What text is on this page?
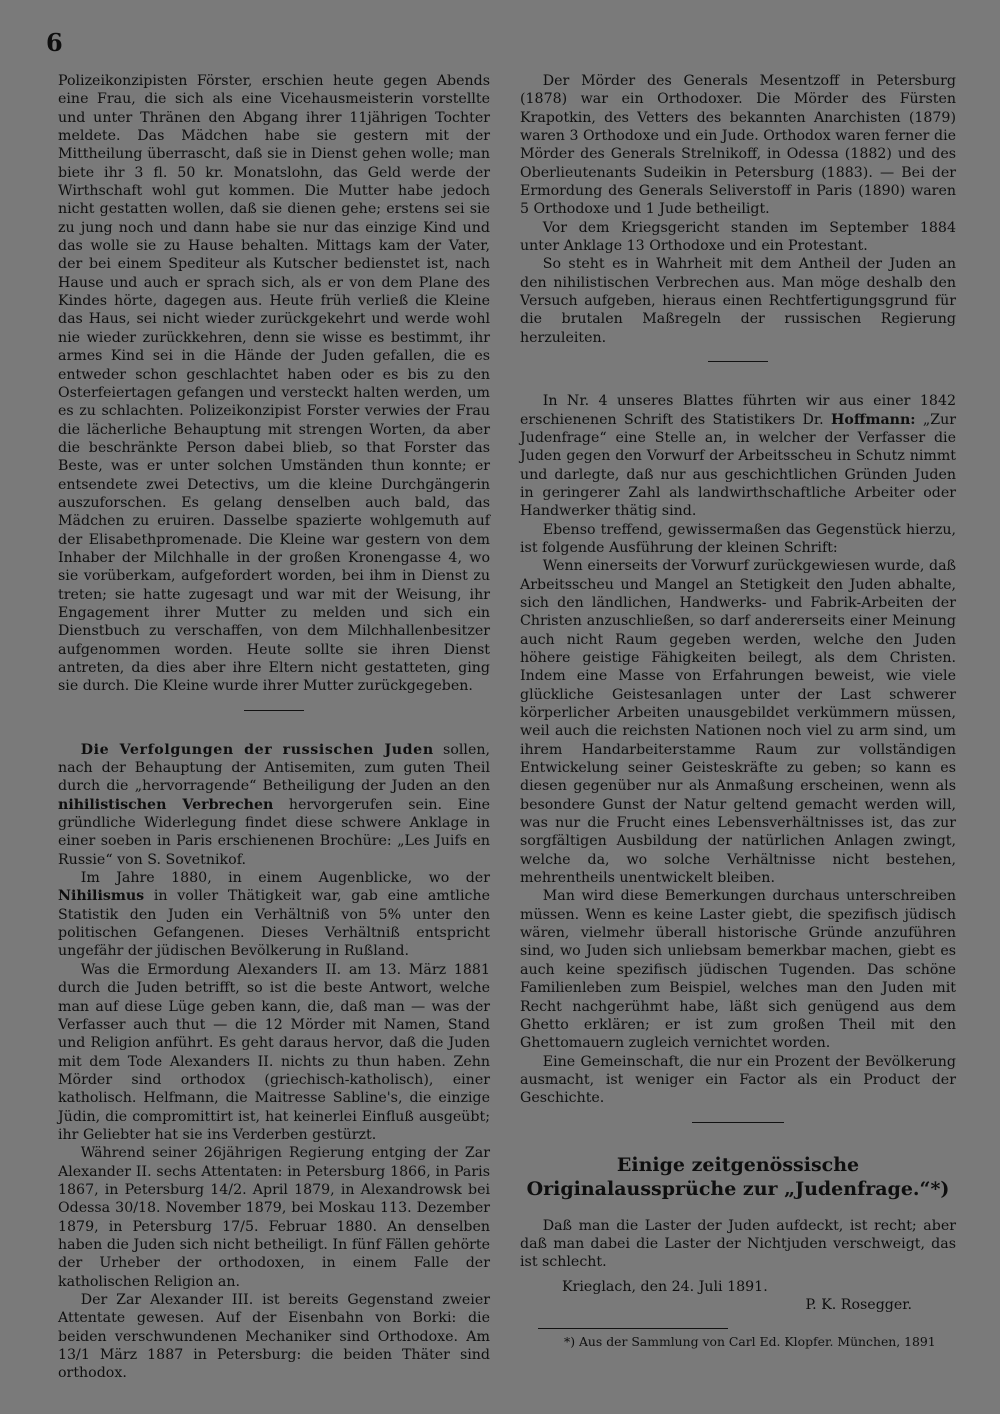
6

Polizeikonzipisten Förster, erschien heute gegen Abends eine Frau, die sich als eine Vicehausmeisterin vorstellte und unter Thränen den Abgang ihrer 11jährigen Tochter meldete. Das Mädchen habe sie gestern mit der Mittheilung überrascht, daß sie in Dienst gehen wolle; man biete ihr 3 fl. 50 kr. Monatslohn, das Geld werde der Wirthschaft wohl gut kommen. Die Mutter habe jedoch nicht gestatten wollen, daß sie dienen gehe; erstens sei sie zu jung noch und dann habe sie nur das einzige Kind und das wolle sie zu Hause behalten. Mittags kam der Vater, der bei einem Spediteur als Kutscher bedienstet ist, nach Hause und auch er sprach sich, als er von dem Plane des Kindes hörte, dagegen aus. Heute früh verließ die Kleine das Haus, sei nicht wieder zurückgekehrt und werde wohl nie wieder zurückkehren, denn sie wisse es bestimmt, ihr armes Kind sei in die Hände der Juden gefallen, die es entweder schon geschlachtet haben oder es bis zu den Osterfeiertagen gefangen und versteckt halten werden, um es zu schlachten. Polizeikonzipist Forster verwies der Frau die lächerliche Behauptung mit strengen Worten, da aber die beschränkte Person dabei blieb, so that Forster das Beste, was er unter solchen Umständen thun konnte; er entsendete zwei Detectivs, um die kleine Durchgängerin auszuforschen. Es gelang denselben auch bald, das Mädchen zu eruiren. Dasselbe spazierte wohlgemuth auf der Elisabethpromenade. Die Kleine war gestern von dem Inhaber der Milchhalle in der großen Kronengasse 4, wo sie vorüberkam, aufgefordert worden, bei ihm in Dienst zu treten; sie hatte zugesagt und war mit der Weisung, ihr Engagement ihrer Mutter zu melden und sich ein Dienstbuch zu verschaffen, von dem Milchhallenbesitzer aufgenommen worden. Heute sollte sie ihren Dienst antreten, da dies aber ihre Eltern nicht gestatteten, ging sie durch. Die Kleine wurde ihrer Mutter zurückgegeben.

Die Verfolgungen der russischen Juden sollen, nach der Behauptung der Antisemiten, zum guten Theil durch die „hervorragende“ Betheiligung der Juden an den nihilistischen Verbrechen hervorgerufen sein. Eine gründliche Widerlegung findet diese schwere Anklage in einer soeben in Paris erschienenen Brochüre: „Les Juifs en Russie“ von S. Sovetnikof.

Im Jahre 1880, in einem Augenblicke, wo der Nihilismus in voller Thätigkeit war, gab eine amtliche Statistik den Juden ein Verhältniß von 5% unter den politischen Gefangenen. Dieses Verhältniß entspricht ungefähr der jüdischen Bevölkerung in Rußland.

Was die Ermordung Alexanders II. am 13. März 1881 durch die Juden betrifft, so ist die beste Antwort, welche man auf diese Lüge geben kann, die, daß man — was der Verfasser auch thut — die 12 Mörder mit Namen, Stand und Religion anführt. Es geht daraus hervor, daß die Juden mit dem Tode Alexanders II. nichts zu thun haben. Zehn Mörder sind orthodox (griechisch-katholisch), einer katholisch. Helfmann, die Maitresse Sabline's, die einzige Jüdin, die compromittirt ist, hat keinerlei Einfluß ausgeübt; ihr Geliebter hat sie ins Verderben gestürzt.

Während seiner 26jährigen Regierung entging der Zar Alexander II. sechs Attentaten: in Petersburg 1866, in Paris 1867, in Petersburg 14/2. April 1879, in Alexandrowsk bei Odessa 30/18. November 1879, bei Moskau 113. Dezember 1879, in Petersburg 17/5. Februar 1880. An denselben haben die Juden sich nicht betheiligt. In fünf Fällen gehörte der Urheber der orthodoxen, in einem Falle der katholischen Religion an.

Der Zar Alexander III. ist bereits Gegenstand zweier Attentate gewesen. Auf der Eisenbahn von Borki: die beiden verschwundenen Mechaniker sind Orthodoxe. Am 13/1 März 1887 in Petersburg: die beiden Thäter sind orthodox.

Der Mörder des Generals Mesentzoff in Petersburg (1878) war ein Orthodoxer. Die Mörder des Fürsten Krapotkin, des Vetters des bekannten Anarchisten (1879) waren 3 Orthodoxe und ein Jude. Orthodox waren ferner die Mörder des Generals Strelnikoff, in Odessa (1882) und des Oberlieutenants Sudeikin in Petersburg (1883). — Bei der Ermordung des Generals Seliverstoff in Paris (1890) waren 5 Orthodoxe und 1 Jude betheiligt.

Vor dem Kriegsgericht standen im September 1884 unter Anklage 13 Orthodoxe und ein Protestant.

So steht es in Wahrheit mit dem Antheil der Juden an den nihilistischen Verbrechen aus. Man möge deshalb den Versuch aufgeben, hieraus einen Rechtfertigungsgrund für die brutalen Maßregeln der russischen Regierung herzuleiten.

In Nr. 4 unseres Blattes führten wir aus einer 1842 erschienenen Schrift des Statistikers Dr. Hoffmann: „Zur Judenfrage“ eine Stelle an, in welcher der Verfasser die Juden gegen den Vorwurf der Arbeitsscheu in Schutz nimmt und darlegte, daß nur aus geschichtlichen Gründen Juden in geringerer Zahl als landwirthschaftliche Arbeiter oder Handwerker thätig sind.

Ebenso treffend, gewissermaßen das Gegenstück hierzu, ist folgende Ausführung der kleinen Schrift:

Wenn einerseits der Vorwurf zurückgewiesen wurde, daß Arbeitsscheu und Mangel an Stetigkeit den Juden abhalte, sich den ländlichen, Handwerks- und Fabrik-Arbeiten der Christen anzuschließen, so darf andererseits einer Meinung auch nicht Raum gegeben werden, welche den Juden höhere geistige Fähigkeiten beilegt, als dem Christen. Indem eine Masse von Erfahrungen beweist, wie viele glückliche Geistesanlagen unter der Last schwerer körperlicher Arbeiten unausgebildet verkümmern müssen, weil auch die reichsten Nationen noch viel zu arm sind, um ihrem Handarbeiterstamme Raum zur vollständigen Entwickelung seiner Geisteskräfte zu geben; so kann es diesen gegenüber nur als Anmaßung erscheinen, wenn als besondere Gunst der Natur geltend gemacht werden will, was nur die Frucht eines Lebensverhältnisses ist, das zur sorgfältigen Ausbildung der natürlichen Anlagen zwingt, welche da, wo solche Verhältnisse nicht bestehen, mehrentheils unentwickelt bleiben.

Man wird diese Bemerkungen durchaus unterschreiben müssen. Wenn es keine Laster giebt, die spezifisch jüdisch wären, vielmehr überall historische Gründe anzuführen sind, wo Juden sich unliebsam bemerkbar machen, giebt es auch keine spezifisch jüdischen Tugenden. Das schöne Familienleben zum Beispiel, welches man den Juden mit Recht nachgerühmt habe, läßt sich genügend aus dem Ghetto erklären; er ist zum großen Theil mit den Ghettomauern zugleich vernichtet worden.

Eine Gemeinschaft, die nur ein Prozent der Bevölkerung ausmacht, ist weniger ein Factor als ein Product der Geschichte.

Einige zeitgenössische Originalaussprüche zur „Judenfrage.“*)

Daß man die Laster der Juden aufdeckt, ist recht; aber daß man dabei die Laster der Nichtjuden verschweigt, das ist schlecht.

Krieglach, den 24. Juli 1891.
P. K. Rosegger.
*) Aus der Sammlung von Carl Ed. Klopfer. München, 1891
